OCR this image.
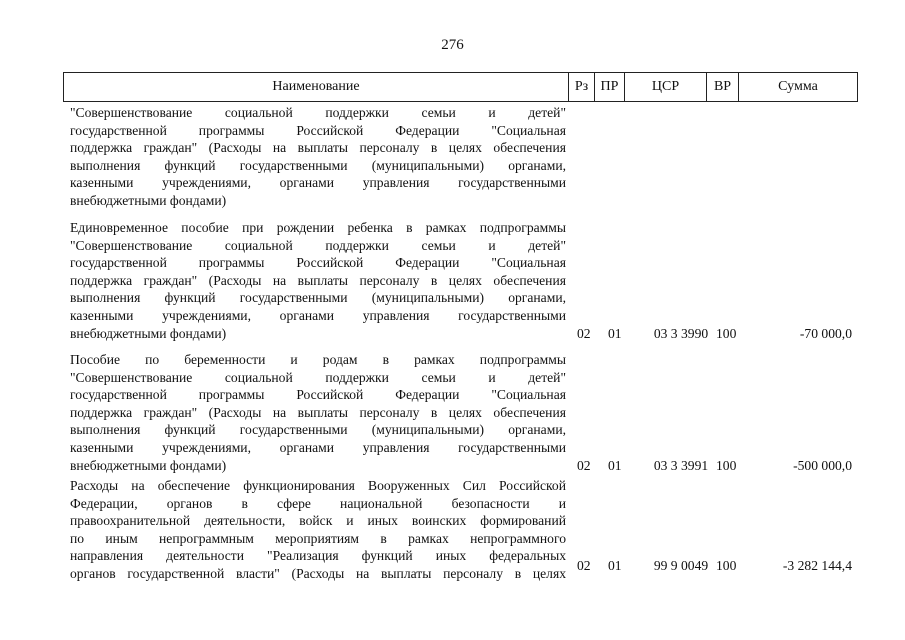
276
Наименование	Рз ПР	ЦСР	ВР	Сумма
"Совершенствование социальной поддержки семьи и детей"
государственной программы Российской Федерации "Социальная
поддержка граждан" (Расходы на выплаты персоналу в целях обеспечения
выполнения функций государственными (муниципальными) органами,
казенными учреждениями, органами управления государственными
внебюджетными фондами)
Единовременное пособие при рождении ребенка в рамках подпрограммы
"Совершенствование социальной поддержки семьи и детей"
государственной программы Российской Федерации "Социальная
поддержка граждан" (Расходы на выплаты персоналу в целях обеспечения
выполнения функций государственными (муниципальными) органами,
казенными учреждениями, органами управления государственными
внебюджетными фондами)	02 01	03 3 3990 100	-70 000,0
Пособие по беременности и родам в рамках подпрограммы
"Совершенствование социальной поддержки семьи и детей"
государственной программы Российской Федерации "Социальная
поддержка граждан" (Расходы на выплаты персоналу в целях обеспечения
выполнения функций государственными (муниципальными) органами,
казенными учреждениями, органами управления государственными
внебюджетными фондами)	02 01	03 3 3991 100	-500 000,0
Расходы на обеспечение функционирования Вооруженных Сил Российской
Федерации, органов в сфере национальной безопасности и
правоохранительной деятельности, войск и иных воинских формирований
по иным непрограммным мероприятиям в рамках непрограммного
направления деятельности "Реализация функций иных федеральных
органов государственной власти" (Расходы на выплаты персоналу в целях
02 01	99 9 0049 100	-3 282 144,4
